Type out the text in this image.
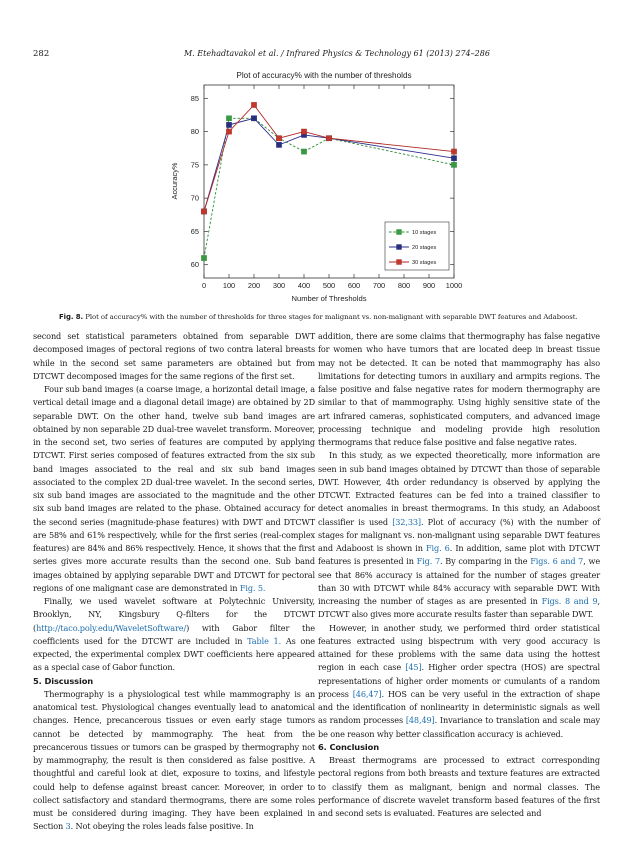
282	M. Etehadtavakol et al. / Infrared Physics & Technology 61 (2013) 274–286
Plot of accuracy% with the number of thresholds
60
65
70
75
80
85
0 100 200 300 400 500 600 700 800 900 1000
Accuracy%
Number of Thresholds
10 stages
20 stages
30 stages
Fig. 8. Plot of accuracy% with the number of thresholds for three stages for malignant vs. non-malignant with separable DWT features and Adaboost.

second set statistical parameters obtained from separable DWT decomposed images of pectoral regions of two contra lateral breasts while in the second set same parameters are obtained but from DTCWT decomposed images for the same regions of the first set.

Four sub band images (a coarse image, a horizontal detail image, a vertical detail image and a diagonal detail image) are obtained by 2D separable DWT. On the other hand, twelve sub band images are obtained by non separable 2D dual-tree wavelet transform. Moreover, in the second set, two series of features are computed by applying DTCWT. First series composed of features extracted from the six sub band images associated to the real and six sub band images associated to the complex 2D dual-tree wavelet. In the second series, six sub band images are associated to the magnitude and the other six sub band images are related to the phase. Obtained accuracy for the second series (magnitude-phase features) with DWT and DTCWT are 58% and 61% respectively, while for the first series (real-complex features) are 84% and 86% respectively. Hence, it shows that the first series gives more accurate results than the second one. Sub band images obtained by applying separable DWT and DTCWT for pectoral regions of one malignant case are demonstrated in Fig. 5.

Finally, we used wavelet software at Polytechnic University, Brooklyn, NY, Kingsbury Q-filters for the DTCWT (http://taco.poly.edu/WaveletSoftware/) with Gabor filter the coefficients used for the DTCWT are included in Table 1. As one expected, the experimental complex DWT coefficients here appeared as a special case of Gabor function.

5. Discussion

Thermography is a physiological test while mammography is an anatomical test. Physiological changes eventually lead to anatomical changes. Hence, precancerous tissues or even early stage tumors cannot be detected by mammography. The heat from the precancerous tissues or tumors can be grasped by thermography not by mammography, the result is then considered as false positive. A thoughtful and careful look at diet, exposure to toxins, and lifestyle could help to defense against breast cancer. Moreover, in order to collect satisfactory and standard thermograms, there are some roles must be considered during imaging. They have been explained in Section 3. Not obeying the roles leads false positive. In

addition, there are some claims that thermography has false negative for women who have tumors that are located deep in breast tissue may not be detected. It can be noted that mammography has also limitations for detecting tumors in auxiliary and armpits regions. The false positive and false negative rates for modern thermography are similar to that of mammography. Using highly sensitive state of the art infrared cameras, sophisticated computers, and advanced image processing technique and modeling provide high resolution thermograms that reduce false positive and false negative rates.

In this study, as we expected theoretically, more information are seen in sub band images obtained by DTCWT than those of separable DWT. However, 4th order redundancy is observed by applying the DTCWT. Extracted features can be fed into a trained classifier to detect anomalies in breast thermograms. In this study, an Adaboost classifier is used [32,33]. Plot of accuracy (%) with the number of stages for malignant vs. non-malignant using separable DWT features and Adaboost is shown in Fig. 6. In addition, same plot with DTCWT features is presented in Fig. 7. By comparing in the Figs. 6 and 7, we see that 86% accuracy is attained for the number of stages greater than 30 with DTCWT while 84% accuracy with separable DWT. With increasing the number of stages as are presented in Figs. 8 and 9, DTCWT also gives more accurate results faster than separable DWT.

However, in another study, we performed third order statistical features extracted using bispectrum with very good accuracy is attained for these problems with the same data using the hottest region in each case [45]. Higher order spectra (HOS) are spectral representations of higher order moments or cumulants of a random process [46,47]. HOS can be very useful in the extraction of shape and the identification of nonlinearity in deterministic signals as well as random processes [48,49]. Invariance to translation and scale may be one reason why better classification accuracy is achieved.

6. Conclusion

Breast thermograms are processed to extract corresponding pectoral regions from both breasts and texture features are extracted to classify them as malignant, benign and normal classes. The performance of discrete wavelet transform based features of the first and second sets is evaluated. Features are selected and
